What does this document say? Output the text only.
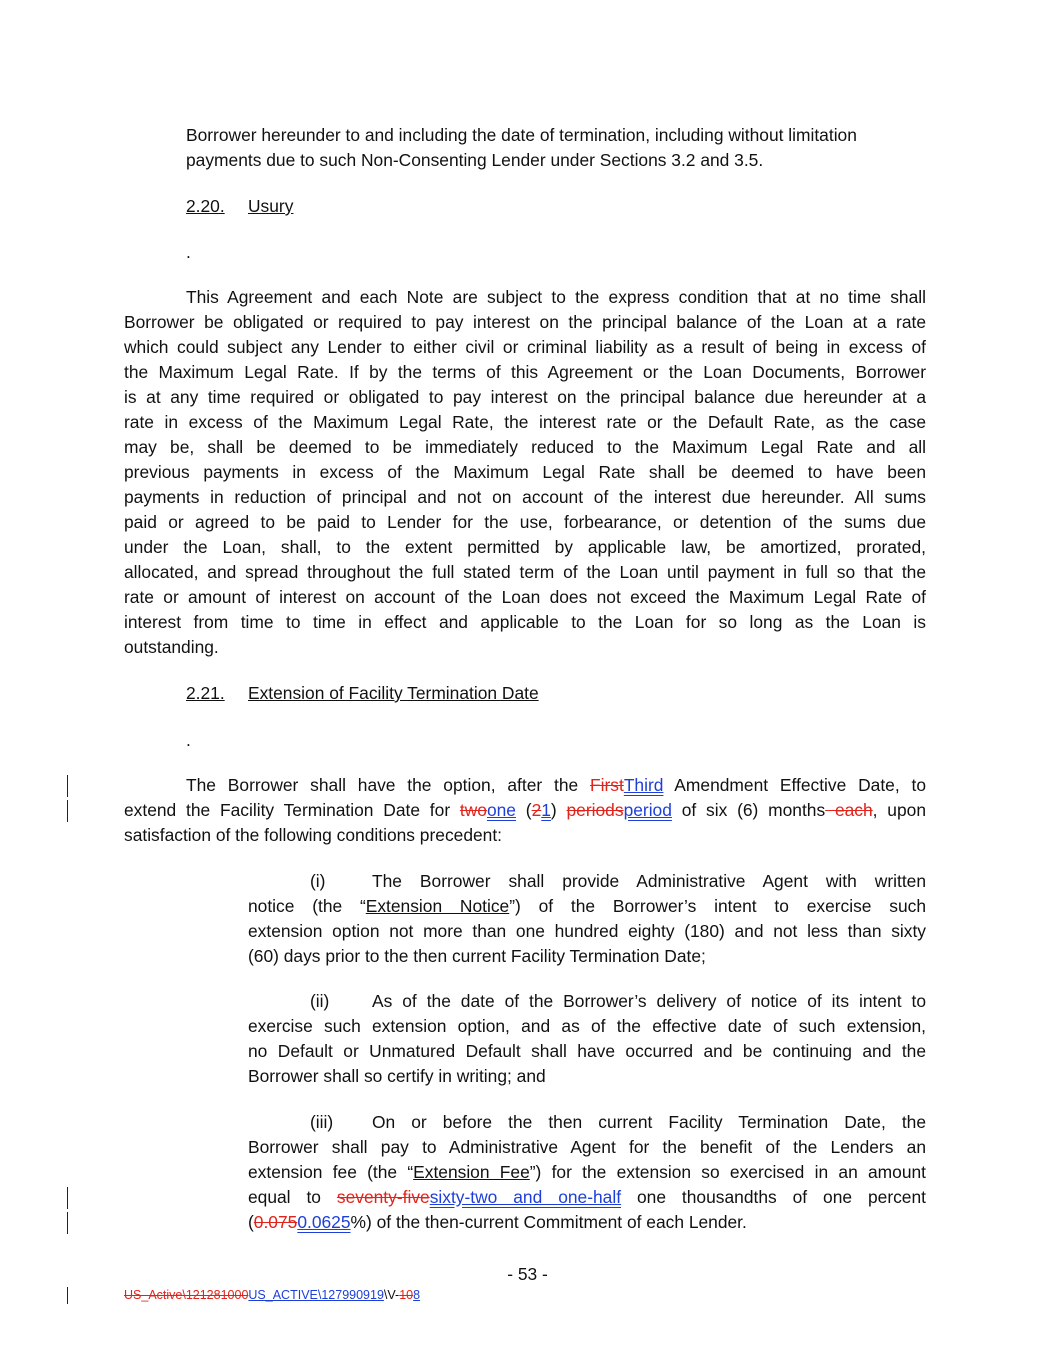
Borrower hereunder to and including the date of termination, including without limitation
payments due to such Non-Consenting Lender under Sections 3.2 and 3.5.
2.20. Usury
.
This Agreement and each Note are subject to the express condition that at no time shall
Borrower be obligated or required to pay interest on the principal balance of the Loan at a rate
which could subject any Lender to either civil or criminal liability as a result of being in excess of
the Maximum Legal Rate. If by the terms of this Agreement or the Loan Documents, Borrower
is at any time required or obligated to pay interest on the principal balance due hereunder at a
rate in excess of the Maximum Legal Rate, the interest rate or the Default Rate, as the case
may be, shall be deemed to be immediately reduced to the Maximum Legal Rate and all
previous payments in excess of the Maximum Legal Rate shall be deemed to have been
payments in reduction of principal and not on account of the interest due hereunder. All sums
paid or agreed to be paid to Lender for the use, forbearance, or detention of the sums due
under the Loan, shall, to the extent permitted by applicable law, be amortized, prorated,
allocated, and spread throughout the full stated term of the Loan until payment in full so that the
rate or amount of interest on account of the Loan does not exceed the Maximum Legal Rate of
interest from time to time in effect and applicable to the Loan for so long as the Loan is
outstanding.
2.21. Extension of Facility Termination Date
.
The Borrower shall have the option, after the FirstThird Amendment Effective Date, to
extend the Facility Termination Date for twoone (21) periodsperiod of six (6) months each, upon
satisfaction of the following conditions precedent:
(i)	The Borrower shall provide Administrative Agent with written
notice (the “Extension Notice”) of the Borrower’s intent to exercise such
extension option not more than one hundred eighty (180) and not less than sixty
(60) days prior to the then current Facility Termination Date;
(ii) As of the date of the Borrower’s delivery of notice of its intent to
exercise such extension option, and as of the effective date of such extension,
no Default or Unmatured Default shall have occurred and be continuing and the
Borrower shall so certify in writing; and
(iii) On or before the then current Facility Termination Date, the
Borrower shall pay to Administrative Agent for the benefit of the Lenders an
extension fee (the “Extension Fee”) for the extension so exercised in an amount
equal to seventy-fivesixty-two and one-half one thousandths of one percent
(0.0750.0625%) of the then-current Commitment of each Lender.
- 53 -
US_Active\121281000US_ACTIVE\127990919\V-108
